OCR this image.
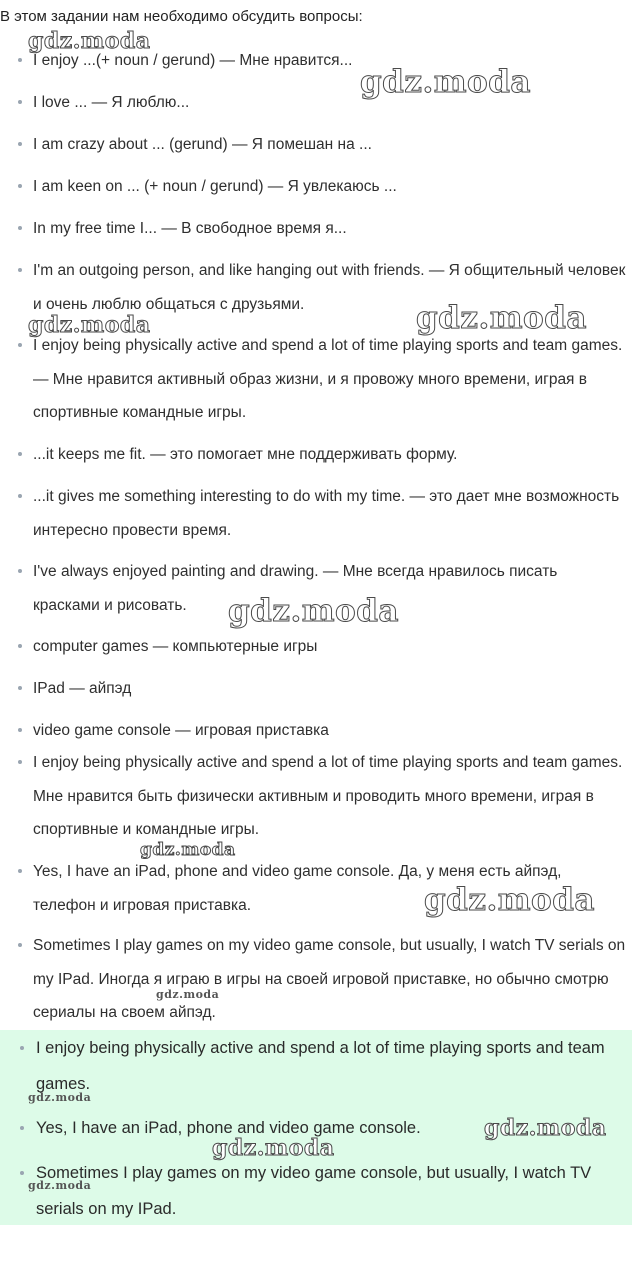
В этом задании нам необходимо обсудить вопросы:
I enjoy ...(+ noun / gerund) — Мне нравится...
I love ... — Я люблю...
I am crazy about ... (gerund) — Я помешан на ...
I am keen on ... (+ noun / gerund) — Я увлекаюсь ...
In my free time I... — В свободное время я...
I'm an outgoing person, and like hanging out with friends. — Я общительный человек и очень люблю общаться с друзьями.
I enjoy being physically active and spend a lot of time playing sports and team games. — Мне нравится активный образ жизни, и я провожу много времени, играя в спортивные командные игры.
...it keeps me fit. — это помогает мне поддерживать форму.
...it gives me something interesting to do with my time. — это дает мне возможность интересно провести время.
I've always enjoyed painting and drawing. — Мне всегда нравилось писать красками и рисовать.
computer games — компьютерные игры
IPad — айпэд
video game console — игровая приставка
I enjoy being physically active and spend a lot of time playing sports and team games. Мне нравится быть физически активным и проводить много времени, играя в спортивные и командные игры.
Yes, I have an iPad, phone and video game console. Да, у меня есть айпэд, телефон и игровая приставка.
Sometimes I play games on my video game console, but usually, I watch TV serials on my IPad. Иногда я играю в игры на своей игровой приставке, но обычно смотрю сериалы на своем айпэд.
I enjoy being physically active and spend a lot of time playing sports and team games.
Yes, I have an iPad, phone and video game console.
Sometimes I play games on my video game console, but usually, I watch TV serials on my IPad.
gdz.moda
gdz.moda
gdz.moda	gdz.moda
gdz.moda
gdz.moda
gdz.moda
gdz.moda
gdz.moda
gdz.moda
gdz.moda
gdz.moda
